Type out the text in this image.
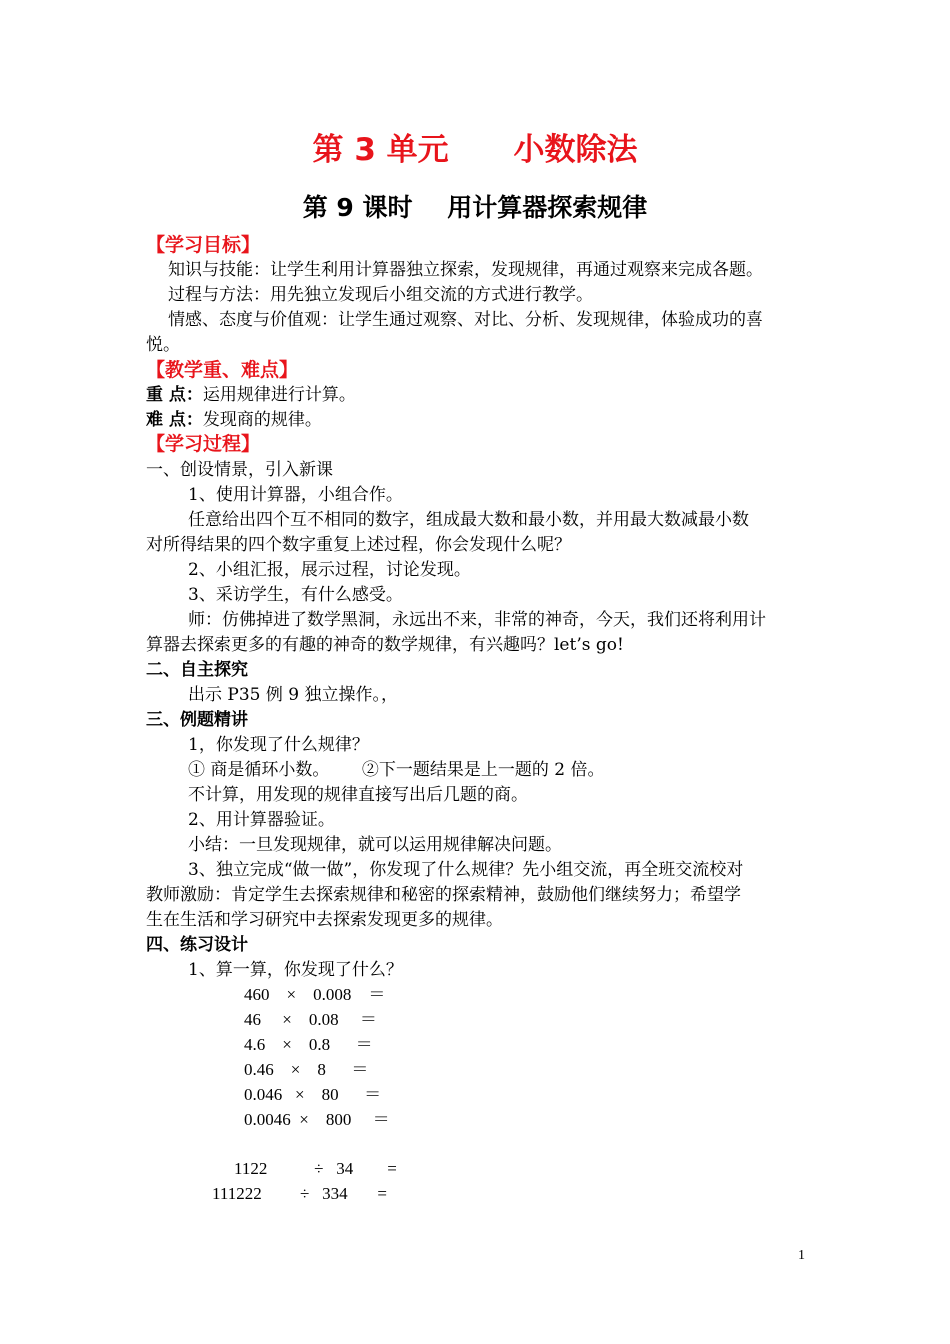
第 3 单元      小数除法
第 9 课时    用计算器探索规律
【学习目标】
知识与技能：让学生利用计算器独立探索，发现规律，再通过观察来完成各题。
过程与方法：用先独立发现后小组交流的方式进行教学。
情感、态度与价值观：让学生通过观察、对比、分析、发现规律，体验成功的喜
悦。
【教学重、难点】
重 点：运用规律进行计算。
难 点：发现商的规律。
【学习过程】
一、创设情景，引入新课
1、使用计算器，小组合作。
任意给出四个互不相同的数字，组成最大数和最小数，并用最大数减最小数
对所得结果的四个数字重复上述过程，你会发现什么呢？
2、小组汇报，展示过程，讨论发现。
3、采访学生，有什么感受。
师：仿佛掉进了数学黑洞，永远出不来，非常的神奇，今天，我们还将利用计
算器去探索更多的有趣的神奇的数学规律，有兴趣吗？let’s go!
二、自主探究
出示 P35 例 9 独立操作。，
三、例题精讲
1，你发现了什么规律？
① 商是循环小数。      ②下一题结果是上一题的 2 倍。
不计算，用发现的规律直接写出后几题的商。
2、用计算器验证。
小结：一旦发现规律，就可以运用规律解决问题。
3、独立完成“做一做”，你发现了什么规律？先小组交流，再全班交流校对
教师激励：肯定学生去探索规律和秘密的探索精神，鼓励他们继续努力；希望学
生在生活和学习研究中去探索发现更多的规律。
四、练习设计
1、算一算，你发现了什么？
460    ×    0.008    ＝
46     ×    0.08     ＝
4.6    ×    0.8      ＝
0.46    ×    8      ＝
0.046   ×    80      ＝
0.0046  ×    800     ＝
1122           ÷   34        =
111222         ÷   334       =
1
